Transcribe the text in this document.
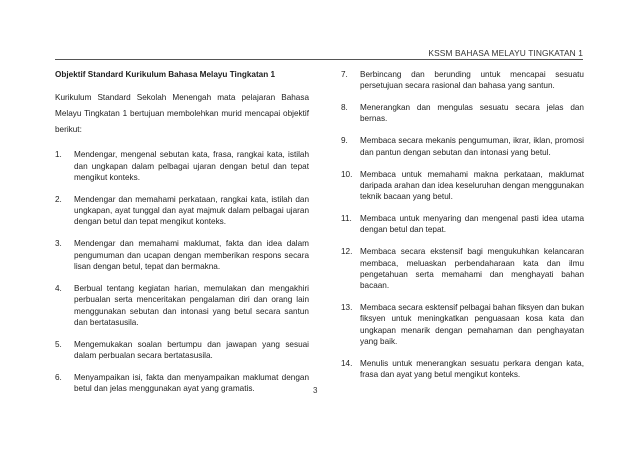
KSSM BAHASA MELAYU TINGKATAN 1
Objektif Standard Kurikulum Bahasa Melayu Tingkatan 1
Kurikulum Standard Sekolah Menengah mata pelajaran Bahasa Melayu Tingkatan 1 bertujuan membolehkan murid mencapai objektif berikut:
1.	Mendengar, mengenal sebutan kata, frasa, rangkai kata, istilah dan ungkapan dalam pelbagai ujaran dengan betul dan tepat mengikut konteks.
2.	Mendengar dan memahami perkataan, rangkai kata, istilah dan ungkapan, ayat tunggal dan ayat majmuk dalam pelbagai ujaran dengan betul dan tepat mengikut konteks.
3.	Mendengar dan memahami maklumat, fakta dan idea dalam pengumuman dan ucapan dengan memberikan respons secara lisan dengan betul, tepat dan bermakna.
4.	Berbual tentang kegiatan harian, memulakan dan mengakhiri perbualan serta menceritakan pengalaman diri dan orang lain menggunakan sebutan dan intonasi yang betul secara santun dan bertatasusila.
5.	Mengemukakan soalan bertumpu dan jawapan yang sesuai dalam perbualan secara bertatasusila.
6.	Menyampaikan isi, fakta dan menyampaikan maklumat dengan betul dan jelas menggunakan ayat yang gramatis.
7.	Berbincang dan berunding untuk mencapai sesuatu persetujuan secara rasional dan bahasa yang santun.
8.	Menerangkan dan mengulas sesuatu secara jelas dan bernas.
9.	Membaca secara mekanis pengumuman, ikrar, iklan, promosi dan pantun dengan sebutan dan intonasi yang betul.
10. Membaca untuk memahami makna perkataan, maklumat daripada arahan dan idea keseluruhan dengan menggunakan teknik bacaan yang betul.
11.	Membaca untuk menyaring dan mengenal pasti idea utama dengan betul dan tepat.
12. Membaca secara ekstensif bagi mengukuhkan kelancaran membaca, meluaskan perbendaharaan kata dan ilmu pengetahuan serta memahami dan menghayati bahan bacaan.
13. Membaca secara esktensif pelbagai bahan fiksyen dan bukan fiksyen untuk meningkatkan penguasaan kosa kata dan ungkapan menarik dengan pemahaman dan penghayatan yang baik.
14. Menulis untuk menerangkan sesuatu perkara dengan kata, frasa dan ayat yang betul mengikut konteks.
3
